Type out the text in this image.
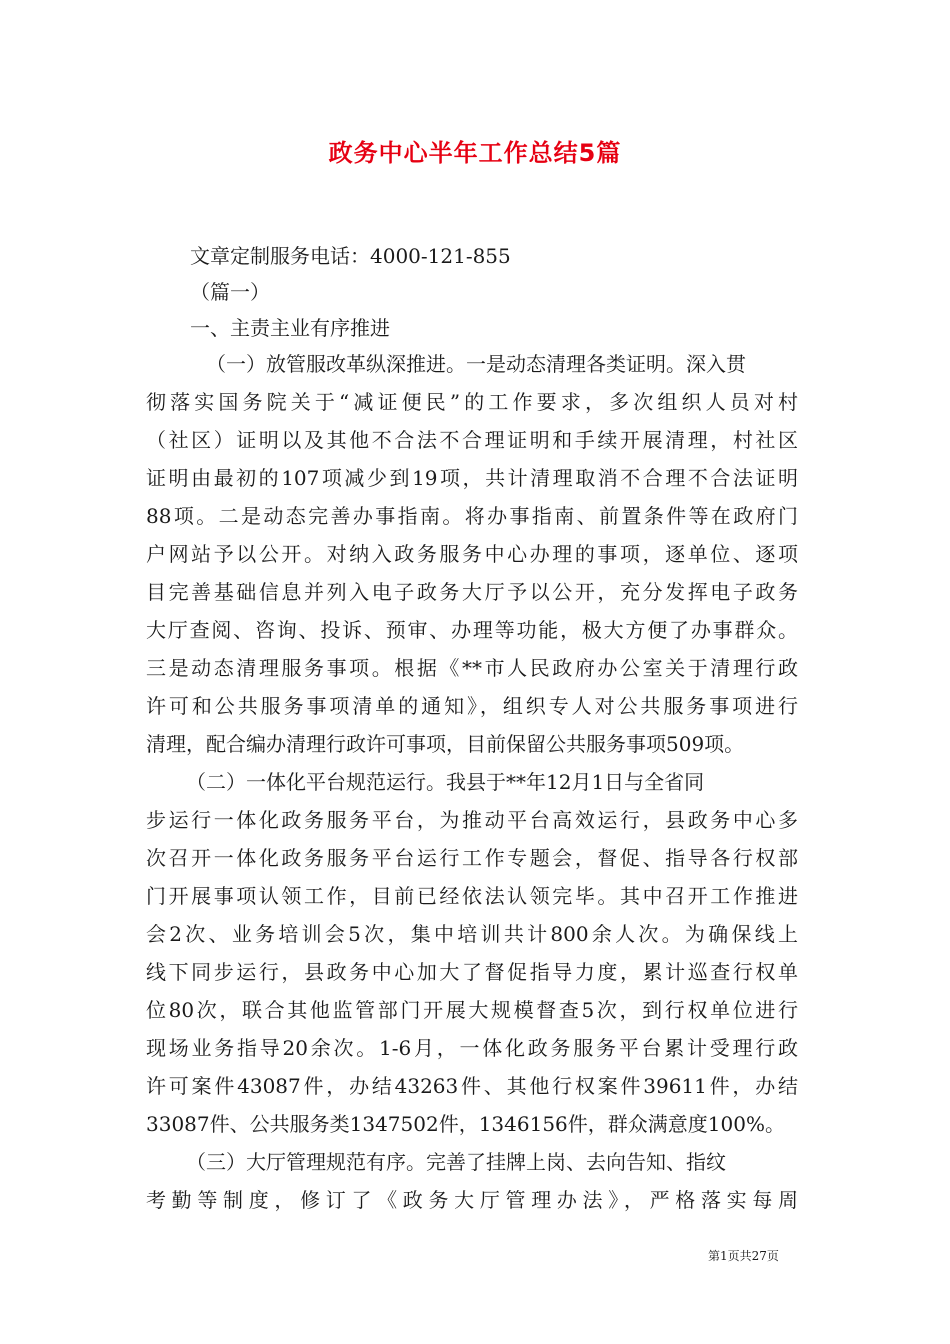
政务中心半年工作总结5篇
文章定制服务电话：4000-121-855
（篇一）
一、主责主业有序推进
（一）放管服改革纵深推进。一是动态清理各类证明。深入贯
彻落实国务院关于“减证便民”的工作要求，多次组织人员对村
（社区）证明以及其他不合法不合理证明和手续开展清理，村社区
证明由最初的107项减少到19项，共计清理取消不合理不合法证明
88项。二是动态完善办事指南。将办事指南、前置条件等在政府门
户网站予以公开。对纳入政务服务中心办理的事项，逐单位、逐项
目完善基础信息并列入电子政务大厅予以公开，充分发挥电子政务
大厅查阅、咨询、投诉、预审、办理等功能，极大方便了办事群众。
三是动态清理服务事项。根据《**市人民政府办公室关于清理行政
许可和公共服务事项清单的通知》，组织专人对公共服务事项进行
清理，配合编办清理行政许可事项，目前保留公共服务事项509项。
（二）一体化平台规范运行。我县于**年12月1日与全省同
步运行一体化政务服务平台，为推动平台高效运行，县政务中心多
次召开一体化政务服务平台运行工作专题会，督促、指导各行权部
门开展事项认领工作，目前已经依法认领完毕。其中召开工作推进
会2次、业务培训会5次，集中培训共计800余人次。为确保线上
线下同步运行，县政务中心加大了督促指导力度，累计巡查行权单
位80次，联合其他监管部门开展大规模督查5次，到行权单位进行
现场业务指导20余次。1-6月，一体化政务服务平台累计受理行政
许可案件43087件，办结43263件、其他行权案件39611件，办结
33087件、公共服务类1347502件，1346156件，群众满意度100%。
（三）大厅管理规范有序。完善了挂牌上岗、去向告知、指纹
考勤等制度，修订了《政务大厅管理办法》，严格落实每周
第1页共27页
